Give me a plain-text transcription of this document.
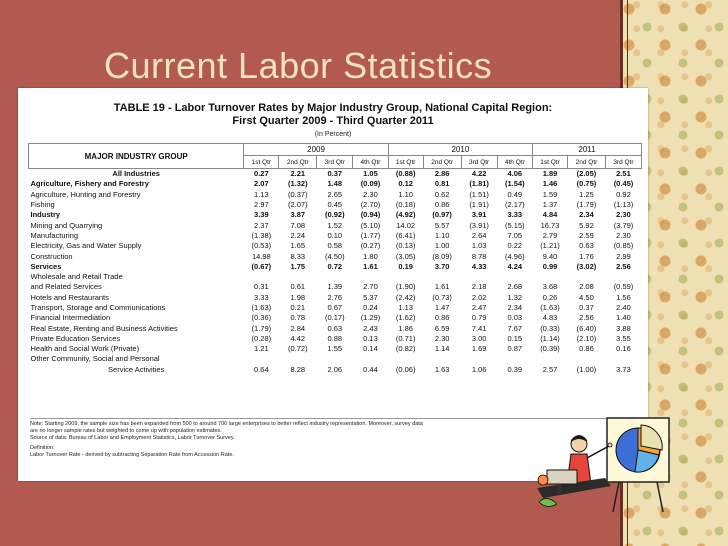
Current Labor Statistics
TABLE 19 - Labor Turnover Rates by Major Industry Group, National Capital Region:
First Quarter 2009 - Third Quarter 2011
(In Percent)
MAJOR INDUSTRY GROUP	2009				2010				2011		
	1st Qtr	2nd Qtr	3rd Qtr	4th Qtr	1st Qtr	2nd Qtr	3rd Qtr	4th Qtr	1st Qtr	2nd Qtr	3rd Qtr
All Industries	0.27	2.21	0.37	1.05	(0.88)	2.86	4.22	4.06	1.89	(2.05)	2.51
Agriculture, Fishery and Forestry	2.07	(1.32)	1.48	(0.09)	0.12	0.81	(1.81)	(1.54)	1.46	(0.75)	(0.45)
Agriculture, Hunting and Forestry	1.13	(0.37)	2.65	2.30	1.10	0.62	(1.51)	0.49	1.59	1.25	0.92
Fishing	2.97	(2.07)	0.45	(2.70)	(0.18)	0.86	(1.91)	(2.17)	1.37	(1.79)	(1.13)
Industry	3.39	3.87	(0.92)	(0.94)	(4.92)	(0.97)	3.91	3.33	4.84	2.34	2.30
Mining and Quarrying	2.37	7.08	1.52	(5.10)	14.02	5.57	(3.91)	(5.15)	16.73	5.92	(3.79)
Manufacturing	(1.38)	2.24	0.10	(1.77)	(6.41)	1.10	2.64	7.05	2.79	2.59	2.30
Electricity, Gas and Water Supply	(0.53)	1.65	0.58	(0.27)	(0.13)	1.00	1.03	0.22	(1.21)	0.63	(0.85)
Construction	14.98	8.33	(4.50)	1.80	(3.05)	(8.09)	8.78	(4.96)	9.40	1.76	2.99
Services	(0.67)	1.75	0.72	1.61	0.19	3.70	4.33	4.24	0.99	(3.02)	2.56
Wholesale and Retail Trade											
and Related Services	0.31	0.61	1.39	2.70	(1.90)	1.61	2.18	2.68	3.68	2.08	(0.59)
Hotels and Restaurants	3.33	1.98	2.76	5.37	(2.42)	(0.73)	2.02	1.32	0.26	4.50	1.56
Transport, Storage and Communications	(1.63)	0.21	0.67	0.24	1.13	1.47	2.47	2.34	(1.63)	0.37	2.40
Financial Intermediation	(0.36)	0.78	(0.17)	(1.29)	(1.62)	0.86	0.79	0.03	4.83	2.56	1.40
Real Estate, Renting and Business Activities	(1.79)	2.84	0.63	2.43	1.86	6.59	7.41	7.67	(0.33)	(6.40)	3.88
Private Education Services	(0.28)	4.42	0.88	0.13	(0.71)	2.30	3.00	0.15	(1.14)	(2.10)	3.55
Health and Social Work (Private)	1.21	(0.72)	1.55	0.14	(0.82)	1.14	1.69	0.87	(0.39)	0.86	0.16
Other Community, Social and Personal											
Service Activities	0.64	8.28	2.06	0.44	(0.06)	1.63	1.06	0.39	2.57	(1.00)	3.73
Note: Starting 2009, the sample size has been expanded from 500 to around 700 large enterprises to better reflect industry representation. Moreover, survey data
are no longer sample rates but weighted to come up with population estimates.
Source of data: Bureau of Labor and Employment Statistics, Labor Turnover Survey.
Definition:
Labor Turnover Rate - derived by subtracting Separation Rate from Accession Rate.
